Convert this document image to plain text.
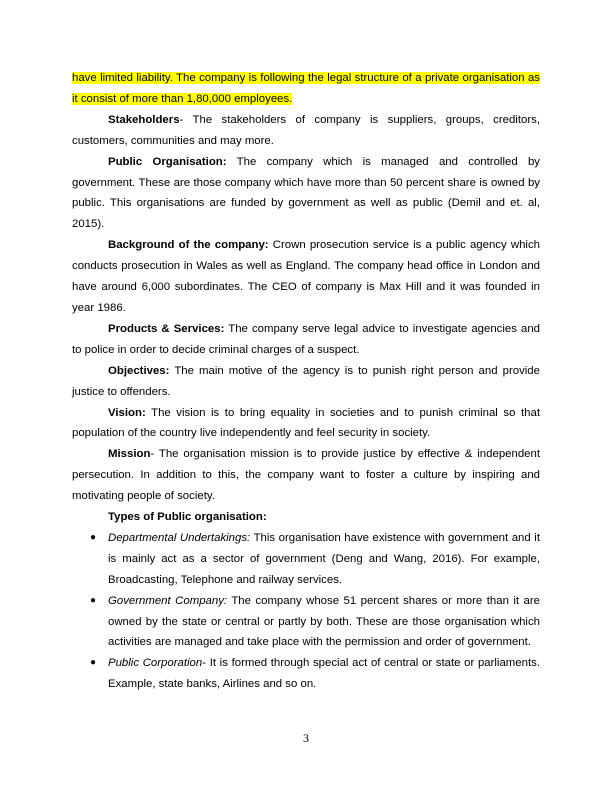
have limited liability. The company is following the legal structure of a private organisation as it consist of more than 1,80,000 employees.

Stakeholders- The stakeholders of company is suppliers, groups, creditors, customers, communities and may more.

Public Organisation: The company which is managed and controlled by government. These are those company which have more than 50 percent share is owned by public. This organisations are funded by government as well as public (Demil and et. al, 2015).

Background of the company: Crown prosecution service is a public agency which conducts prosecution in Wales as well as England. The company head office in London and have around 6,000 subordinates. The CEO of company is Max Hill and it was founded in year 1986.

Products & Services: The company serve legal advice to investigate agencies and to police in order to decide criminal charges of a suspect.

Objectives: The main motive of the agency is to punish right person and provide justice to offenders.

Vision: The vision is to bring equality in societies and to punish criminal so that population of the country live independently and feel security in society.

Mission- The organisation mission is to provide justice by effective & independent persecution. In addition to this, the company want to foster a culture by inspiring and motivating people of society.

Types of Public organisation:

● Departmental Undertakings: This organisation have existence with government and it is mainly act as a sector of government (Deng and Wang, 2016). For example, Broadcasting, Telephone and railway services.
● Government Company: The company whose 51 percent shares or more than it are owned by the state or central or partly by both. These are those organisation which activities are managed and take place with the permission and order of government.
● Public Corporation- It is formed through special act of central or state or parliaments. Example, state banks, Airlines and so on.
3
